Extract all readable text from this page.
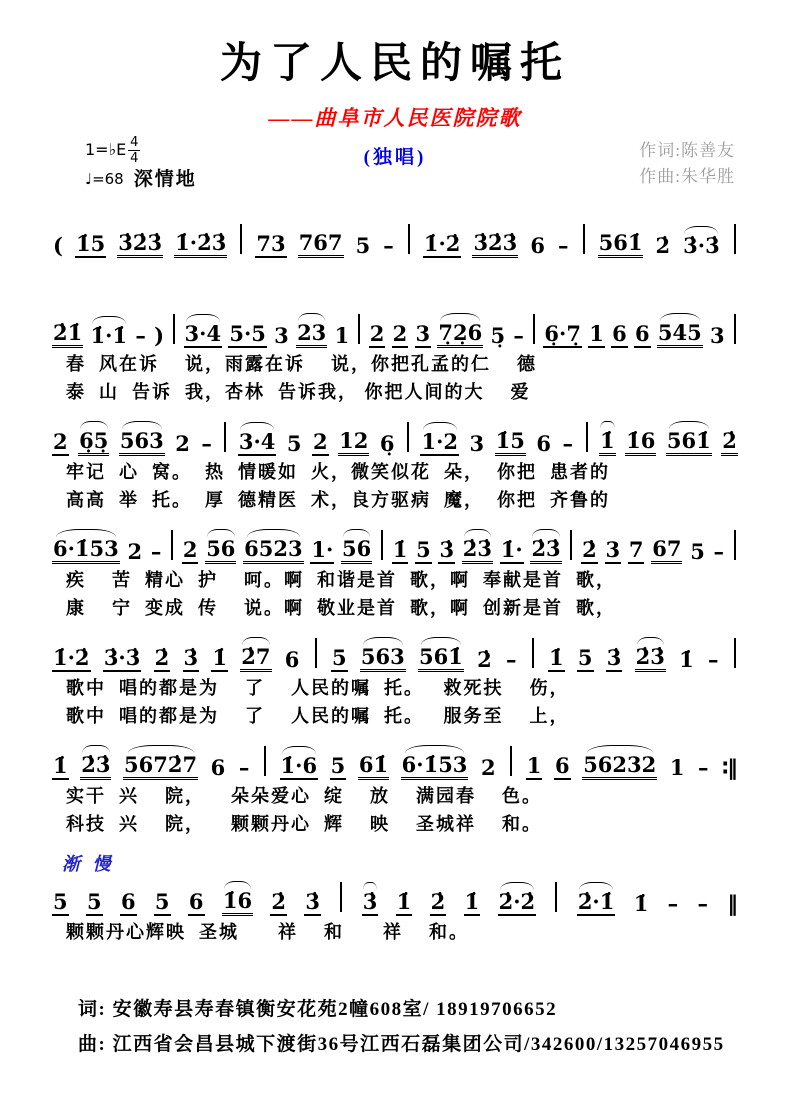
为了人民的嘱托
——曲阜市人民医院院歌
1=♭E $\frac{4}{4}$
♩=68 深情地
(独唱)	作词:陈善友
作曲:朱华胜
( 1̇5 3̇2̇3̇ 1̇·2̇3̇ 73 767 5 – 1̇·2̇ 3̇2̇3̇ 6 – 561̇ 2̇ 3̇·3̇
2̇1̇ 1̇·1̇ – ) 3·4 5·5 3 23 1 2 2 3 7̣2̣6 5̣ – 6̣·7̣ 1 6 6 545 3
春  风在诉    说，雨露在诉    说，你把孔孟的仁    德
泰  山  告诉  我，杏林  告诉我， 你把人间的大    爱
2 6̣5̣ 563 2 – 3·4 5 2 12 6̣ 1·2 3 1̇5 6 – 1̇ 1̇6 561̇ 2̇
牢记  心  窝。  热  情暖如  火，微笑似花  朵，  你把  患者的
高高  举  托。  厚  德精医  术，良方驱病  魔，  你把  齐鲁的
6·1̇53 2 – 2 56 6523 1· 56 1̇ 5 3̇ 2̇3̇ 1̇· 2̇3̇ 2̇ 3 7 67 5 –
疾    苦  精心  护    呵。啊  和谐是首  歌，啊  奉献是首  歌，
康    宁  变成  传    说。啊  敬业是首  歌，啊  创新是首  歌，
1̇·2̇ 3̇·3̇ 2̇ 3̇ 1̇ 2̇7 6 5 563 561̇ 2̇ – 1̇ 5 3̇ 2̇3̇ 1̇ –
歌中  唱的都是为    了    人民的嘱  托。   救死扶    伤，
歌中  唱的都是为    了    人民的嘱  托。   服务至    上，
1̇ 2̇3̇ 5672̇7 6 – 1̇·6 5 61̇ 6·1̇53 2 1 6 56232 1 – ∶‖
实干  兴    院，    朵朵爱心  绽    放    满园春    色。
科技  兴    院，    颗颗丹心  辉    映    圣城祥    和。
渐 慢
5 5 6 5 6 1̇6 2̇ 3̇ 3̇ 1̇ 2̇ 1̇ 2̇·2̇ 2̇·1̇ 1̇ – – ‖
颗颗丹心辉映  圣城      祥    和      祥    和。
词: 安徽寿县寿春镇衡安花苑2幢608室/ 18919706652
曲: 江西省会昌县城下渡街36号江西石磊集团公司/342600/13257046955
